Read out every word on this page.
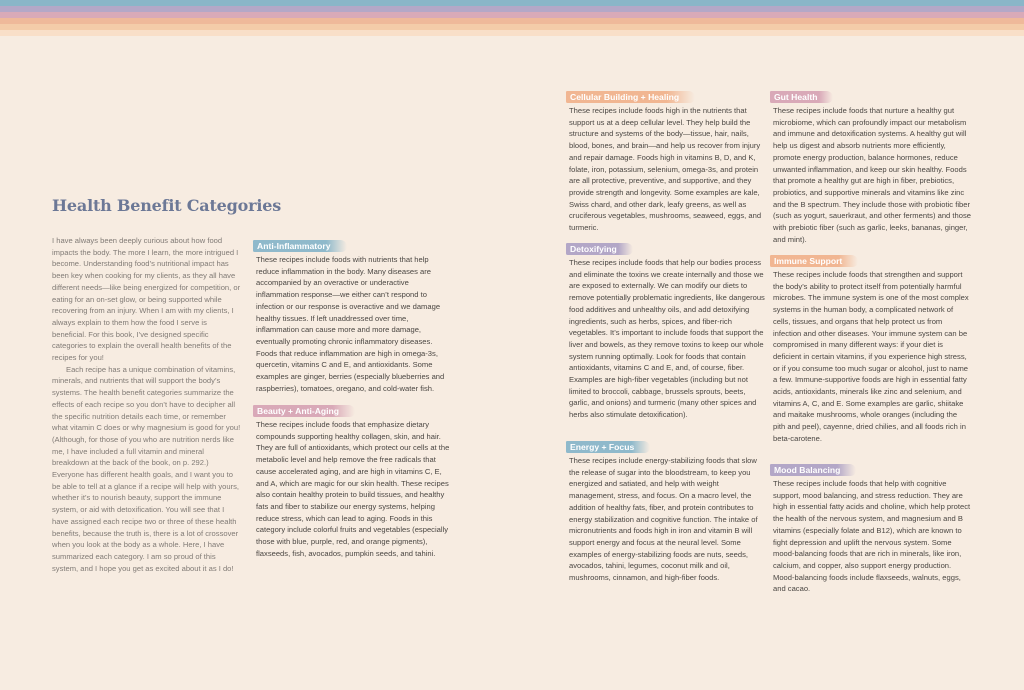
Health Benefit Categories

I have always been deeply curious about how food impacts the body. The more I learn, the more intrigued I become. Understanding food’s nutritional impact has been key when cooking for my clients, as they all have different needs—like being energized for competition, or eating for an on-set glow, or being supported while recovering from an injury. When I am with my clients, I always explain to them how the food I serve is beneficial. For this book, I’ve designed specific categories to explain the overall health benefits of the recipes for you!

Each recipe has a unique combination of vitamins, minerals, and nutrients that will support the body’s systems. The health benefit categories summarize the effects of each recipe so you don’t have to decipher all the specific nutrition details each time, or remember what vitamin C does or why magnesium is good for you! (Although, for those of you who are nutrition nerds like me, I have included a full vitamin and mineral breakdown at the back of the book, on p. 292.) Everyone has different health goals, and I want you to be able to tell at a glance if a recipe will help with yours, whether it’s to nourish beauty, support the immune system, or aid with detoxification. You will see that I have assigned each recipe two or three of these health benefits, because the truth is, there is a lot of crossover when you look at the body as a whole. Here, I have summarized each category. I am so proud of this system, and I hope you get as excited about it as I do!

Anti-Inflammatory

These recipes include foods with nutrients that help reduce inflammation in the body. Many diseases are accompanied by an overactive or underactive inflammation response—we either can’t respond to infection or our response is overactive and we damage healthy tissues. If left unaddressed over time, inflammation can cause more and more damage, eventually promoting chronic inflammatory diseases. Foods that reduce inflammation are high in omega-3s, quercetin, vitamins C and E, and antioxidants. Some examples are ginger, berries (especially blueberries and raspberries), tomatoes, oregano, and cold-water fish.

Beauty + Anti-Aging

These recipes include foods that emphasize dietary compounds supporting healthy collagen, skin, and hair. They are full of antioxidants, which protect our cells at the metabolic level and help remove the free radicals that cause accelerated aging, and are high in vitamins C, E, and A, which are magic for our skin health. These recipes also contain healthy protein to build tissues, and healthy fats and fiber to stabilize our energy systems, helping reduce stress, which can lead to aging. Foods in this category include colorful fruits and vegetables (especially those with blue, purple, red, and orange pigments), flaxseeds, fish, avocados, pumpkin seeds, and tahini.

Cellular Building + Healing

These recipes include foods high in the nutrients that support us at a deep cellular level. They help build the structure and systems of the body—tissue, hair, nails, blood, bones, and brain—and help us recover from injury and repair damage. Foods high in vitamins B, D, and K, folate, iron, potassium, selenium, omega-3s, and protein are all protective, preventive, and supportive, and they provide strength and longevity. Some examples are kale, Swiss chard, and other dark, leafy greens, as well as cruciferous vegetables, mushrooms, seaweed, eggs, and turmeric.

Detoxifying

These recipes include foods that help our bodies process and eliminate the toxins we create internally and those we are exposed to externally. We can modify our diets to remove potentially problematic ingredients, like dangerous food additives and unhealthy oils, and add detoxifying ingredients, such as herbs, spices, and fiber-rich vegetables. It’s important to include foods that support the liver and bowels, as they remove toxins to keep our whole system running optimally. Look for foods that contain antioxidants, vitamins C and E, and, of course, fiber. Examples are high-fiber vegetables (including but not limited to broccoli, cabbage, brussels sprouts, beets, garlic, and onions) and turmeric (many other spices and herbs also stimulate detoxification).

Energy + Focus

These recipes include energy-stabilizing foods that slow the release of sugar into the bloodstream, to keep you energized and satiated, and help with weight management, stress, and focus. On a macro level, the addition of healthy fats, fiber, and protein contributes to energy stabilization and cognitive function. The intake of micronutrients and foods high in iron and vitamin B will support energy and focus at the neural level. Some examples of energy-stabilizing foods are nuts, seeds, avocados, tahini, legumes, coconut milk and oil, mushrooms, cinnamon, and high-fiber foods.

Gut Health

These recipes include foods that nurture a healthy gut microbiome, which can profoundly impact our metabolism and immune and detoxification systems. A healthy gut will help us digest and absorb nutrients more efficiently, promote energy production, balance hormones, reduce unwanted inflammation, and keep our skin healthy. Foods that promote a healthy gut are high in fiber, prebiotics, probiotics, and supportive minerals and vitamins like zinc and the B spectrum. They include those with probiotic fiber (such as yogurt, sauerkraut, and other ferments) and those with prebiotic fiber (such as garlic, leeks, bananas, ginger, and mint).

Immune Support

These recipes include foods that strengthen and support the body’s ability to protect itself from potentially harmful microbes. The immune system is one of the most complex systems in the human body, a complicated network of cells, tissues, and organs that help protect us from infection and other diseases. Your immune system can be compromised in many different ways: if your diet is deficient in certain vitamins, if you experience high stress, or if you consume too much sugar or alcohol, just to name a few. Immune-supportive foods are high in essential fatty acids, antioxidants, minerals like zinc and selenium, and vitamins A, C, and E. Some examples are garlic, shiitake and maitake mushrooms, whole oranges (including the pith and peel), cayenne, dried chilies, and all foods rich in beta-carotene.

Mood Balancing

These recipes include foods that help with cognitive support, mood balancing, and stress reduction. They are high in essential fatty acids and choline, which help protect the health of the nervous system, and magnesium and B vitamins (especially folate and B12), which are known to fight depression and uplift the nervous system. Some mood-balancing foods that are rich in minerals, like iron, calcium, and copper, also support energy production. Mood-balancing foods include flaxseeds, walnuts, eggs, and cacao.
